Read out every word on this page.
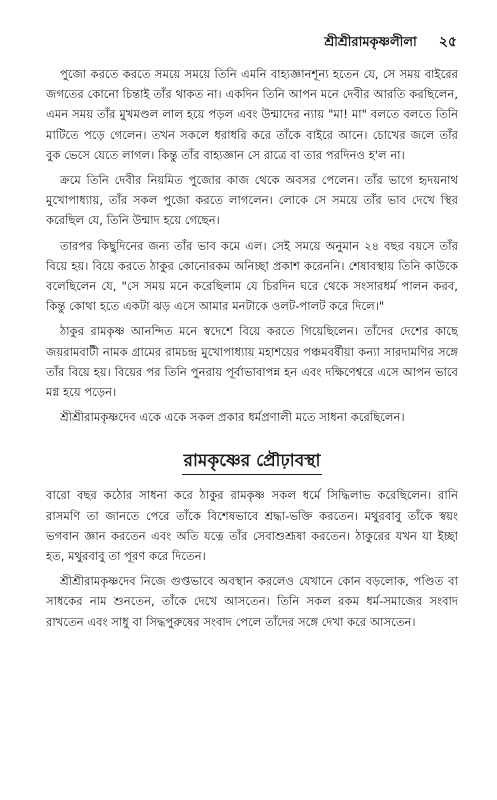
শ্রীশ্রীরামকৃষ্ণলীলা ২৫

পুজো করতে করতে সময়ে সময়ে তিনি এমনি বাহ্যজ্ঞানশূন্য হতেন যে, সে সময় বাইরের জগতের কোনো চিন্তাই তাঁর থাকত না। একদিন তিনি আপন মনে দেবীর আরতি করছিলেন, এমন সময় তাঁর মুখমণ্ডল লাল হয়ে পড়ল এবং উন্মাদের ন্যায় "মা! মা" বলতে বলতে তিনি মাটিতে পড়ে গেলেন। তখন সকলে ধরাধরি করে তাঁকে বাইরে আনে। চোখের জলে তাঁর বুক ভেসে যেতে লাগল। কিন্তু তাঁর বাহ্যজ্ঞান সে রাত্রে বা তার পরদিনও হ'ল না।

ক্রমে তিনি দেবীর নিয়মিত পুজোর কাজ থেকে অবসর পেলেন। তাঁর ভাগে হৃদয়নাথ মুখোপাধ্যায়, তাঁর সকল পুজো করতে লাগলেন। লোকে সে সময়ে তাঁর ভাব দেখে স্থির করেছিল যে, তিনি উন্মাদ হয়ে গেছেন।

তারপর কিছুদিনের জন্য তাঁর ভাব কমে এল। সেই সময়ে অনুমান ২৪ বছর বয়সে তাঁর বিয়ে হয়। বিয়ে করতে ঠাকুর কোনোরকম অনিচ্ছা প্রকাশ করেননি। শেষাবস্থায় তিনি কাউকে বলেছিলেন যে, "সে সময় মনে করেছিলাম যে চিরদিন ঘরে থেকে সংসারধর্ম পালন করব, কিন্তু কোথা হতে একটা ঝড় এসে আমার মনটাকে ওলট-পালট করে দিলে।"

ঠাকুর রামকৃষ্ণ আনন্দিত মনে স্বদেশে বিয়ে করতে গিয়েছিলেন। তাঁদের দেশের কাছে জয়রামবাটী নামক গ্রামের রামচন্দ্র মুখোপাধ্যায় মহাশয়ের পঞ্চমবর্ষীয়া কন্যা সারদামণির সঙ্গে তাঁর বিয়ে হয়। বিয়ের পর তিনি পুনরায় পূর্বাভাবাপন্ন হন এবং দক্ষিণেশ্বরে এসে আপন ভাবে মগ্ন হয়ে পড়েন।

শ্রীশ্রীরামকৃষ্ণদেব একে একে সকল প্রকার ধর্মপ্রণালী মতে সাধনা করেছিলেন।

রামকৃষ্ণের প্রৌঢ়াবস্থা

বারো বছর কঠোর সাধনা করে ঠাকুর রামকৃষ্ণ সকল ধর্মে সিদ্ধিলাভ করেছিলেন। রানি রাসমণি তা জানতে পেরে তাঁকে বিশেষভাবে শ্রদ্ধা-ভক্তি করতেন। মথুরবাবু তাঁকে স্বয়ং ভগবান জ্ঞান করতেন এবং অতি যত্নে তাঁর সেবাশুশ্রূষা করতেন। ঠাকুরের যখন যা ইচ্ছা হত, মথুরবাবু তা পূরণ করে দিতেন।

শ্রীশ্রীরামকৃষ্ণদেব নিজে গুপ্তভাবে অবস্থান করলেও যেখানে কোন বড়লোক, পণ্ডিত বা সাধকের নাম শুনতেন, তাঁকে দেখে আসতেন। তিনি সকল রকম ধর্ম-সমাজের সংবাদ রাখতেন এবং সাধু বা সিদ্ধপুরুষের সংবাদ পেলে তাঁদের সঙ্গে দেখা করে আসতেন।
